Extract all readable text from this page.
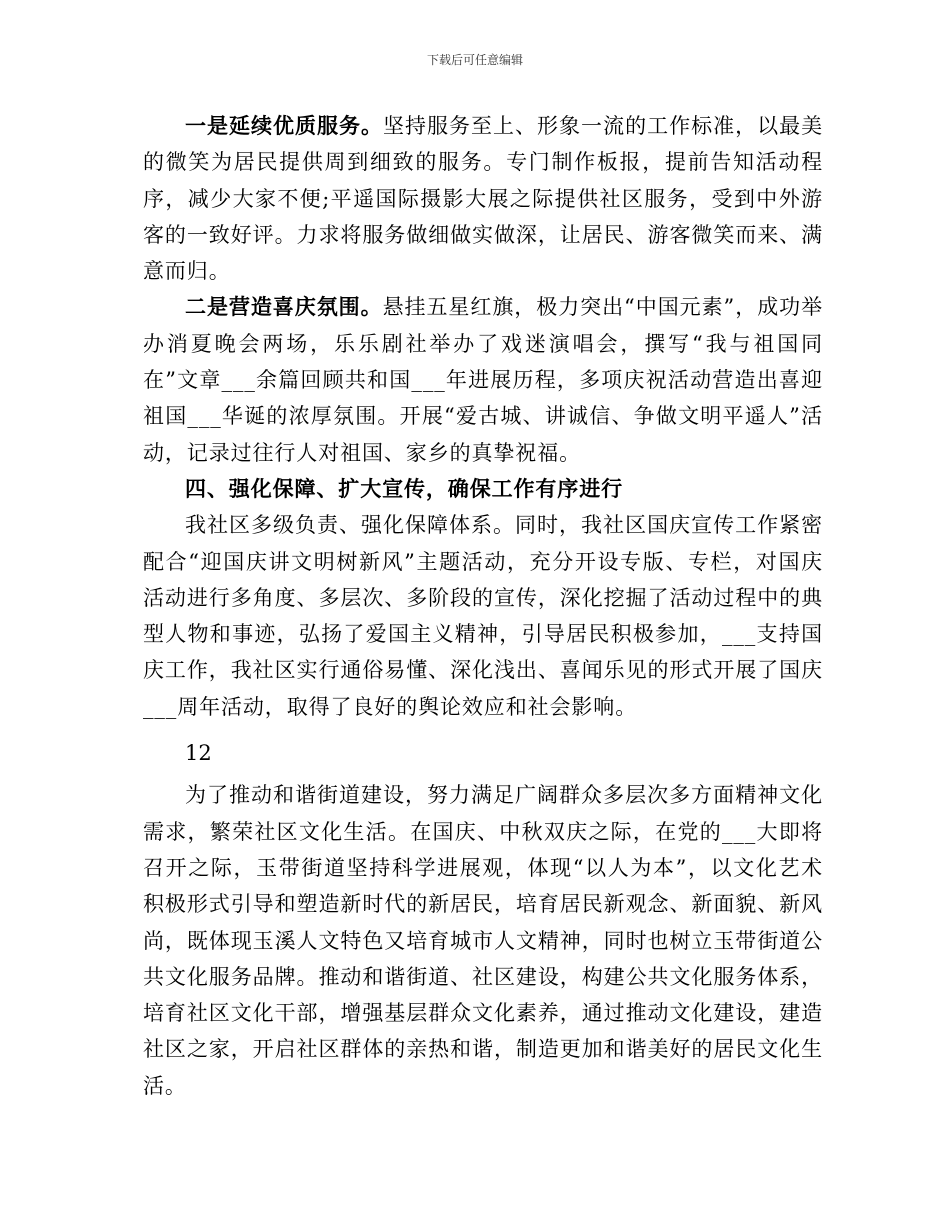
下载后可任意编辑

一是延续优质服务。坚持服务至上、形象一流的工作标准，以最美的微笑为居民提供周到细致的服务。专门制作板报，提前告知活动程序，减少大家不便;平遥国际摄影大展之际提供社区服务，受到中外游客的一致好评。力求将服务做细做实做深，让居民、游客微笑而来、满意而归。

二是营造喜庆氛围。悬挂五星红旗，极力突出“中国元素”，成功举办消夏晚会两场，乐乐剧社举办了戏迷演唱会，撰写“我与祖国同在”文章___余篇回顾共和国___年进展历程，多项庆祝活动营造出喜迎祖国___华诞的浓厚氛围。开展“爱古城、讲诚信、争做文明平遥人”活动，记录过往行人对祖国、家乡的真挚祝福。

四、强化保障、扩大宣传，确保工作有序进行

我社区多级负责、强化保障体系。同时，我社区国庆宣传工作紧密配合“迎国庆讲文明树新风”主题活动，充分开设专版、专栏，对国庆活动进行多角度、多层次、多阶段的宣传，深化挖掘了活动过程中的典型人物和事迹，弘扬了爱国主义精神，引导居民积极参加，___支持国庆工作，我社区实行通俗易懂、深化浅出、喜闻乐见的形式开展了国庆___周年活动，取得了良好的舆论效应和社会影响。

12

为了推动和谐街道建设，努力满足广阔群众多层次多方面精神文化需求，繁荣社区文化生活。在国庆、中秋双庆之际，在党的___大即将召开之际，玉带街道坚持科学进展观，体现“以人为本”，以文化艺术积极形式引导和塑造新时代的新居民，培育居民新观念、新面貌、新风尚，既体现玉溪人文特色又培育城市人文精神，同时也树立玉带街道公共文化服务品牌。推动和谐街道、社区建设，构建公共文化服务体系，培育社区文化干部，增强基层群众文化素养，通过推动文化建设，建造社区之家，开启社区群体的亲热和谐，制造更加和谐美好的居民文化生活。
